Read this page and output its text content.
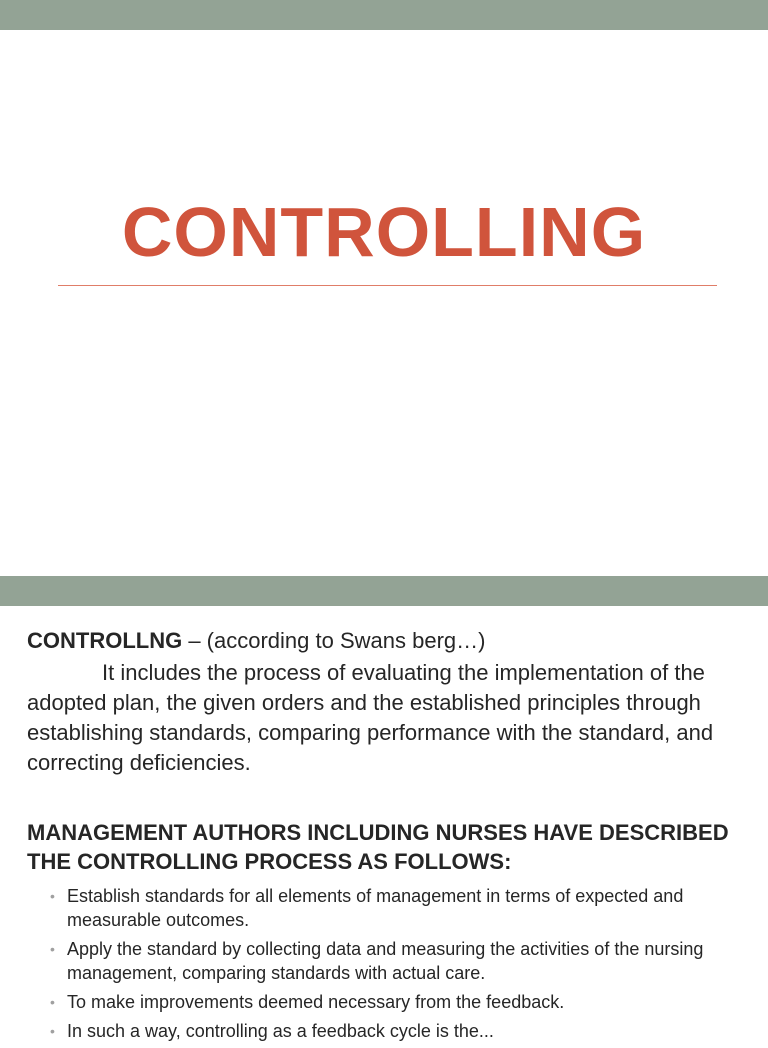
CONTROLLING

CONTROLLNG – (according to Swans berg…)

It includes the process of evaluating the implementation of the adopted plan, the given orders and the established principles through establishing standards, comparing performance with the standard, and correcting deficiencies.

MANAGEMENT AUTHORS INCLUDING NURSES HAVE DESCRIBED THE CONTROLLING PROCESS AS FOLLOWS:

• Establish standards for all elements of management in terms of expected and measurable outcomes.
• Apply the standard by collecting data and measuring the activities of the nursing management, comparing standards with actual care.
• To make improvements deemed necessary from the feedback.
• In such a way, controlling as a feedback cycle is the...
